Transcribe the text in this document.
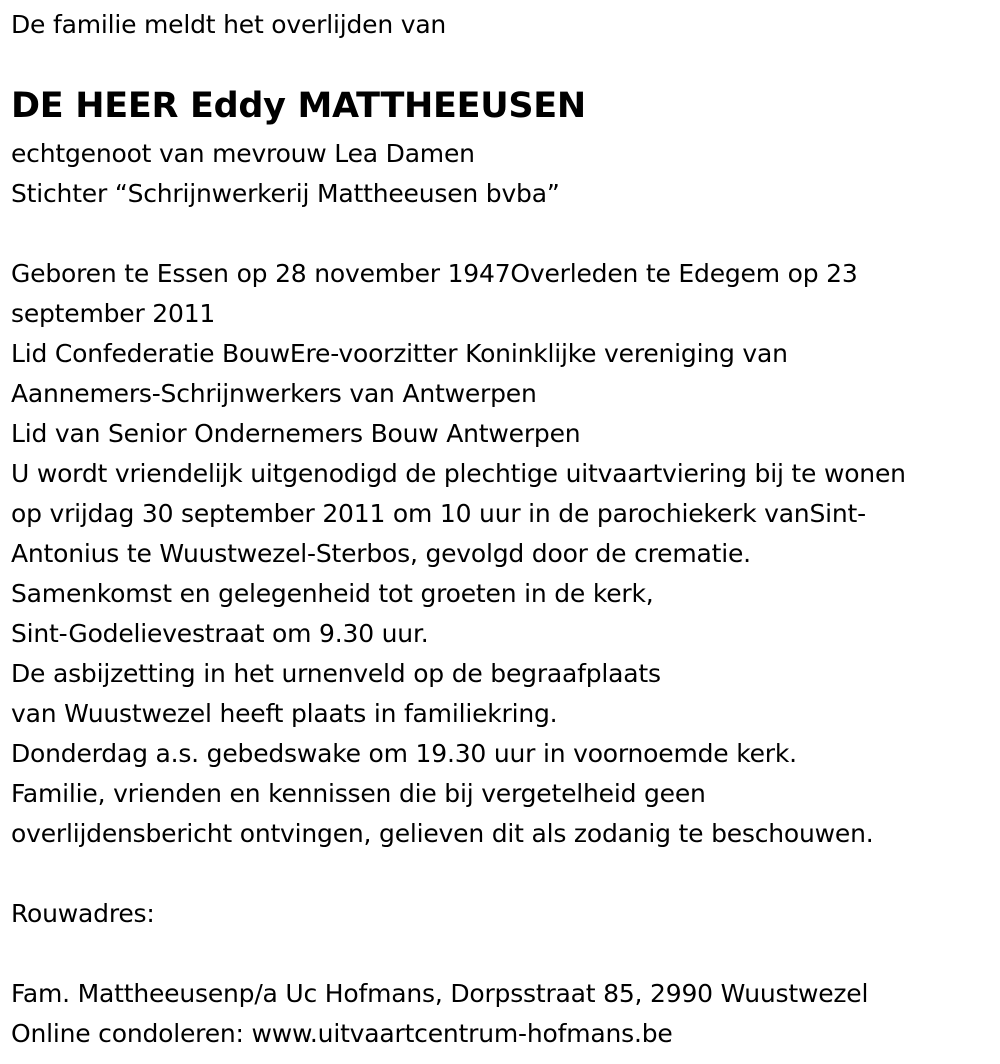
De familie meldt het overlijden van
DE HEER Eddy MATTHEEUSEN
echtgenoot van mevrouw Lea Damen
Stichter “Schrijnwerkerij Mattheeusen bvba”
Geboren te Essen op 28 november 1947Overleden te Edegem op 23
september 2011
Lid Confederatie BouwEre-voorzitter Koninklijke vereniging van
Aannemers-Schrijnwerkers van Antwerpen
Lid van Senior Ondernemers Bouw Antwerpen
U wordt vriendelijk uitgenodigd de plechtige uitvaartviering bij te wonen
op vrijdag 30 september 2011 om 10 uur in de parochiekerk vanSint-
Antonius te Wuustwezel-Sterbos, gevolgd door de crematie.
Samenkomst en gelegenheid tot groeten in de kerk,
Sint-Godelievestraat om 9.30 uur.
De asbijzetting in het urnenveld op de begraafplaats
van Wuustwezel heeft plaats in familiekring.
Donderdag a.s. gebedswake om 19.30 uur in voornoemde kerk.
Familie, vrienden en kennissen die bij vergetelheid geen
overlijdensbericht ontvingen, gelieven dit als zodanig te beschouwen.
Rouwadres:
Fam. Mattheeusenp/a Uc Hofmans, Dorpsstraat 85, 2990 Wuustwezel
Online condoleren: www.uitvaartcentrum-hofmans.be
